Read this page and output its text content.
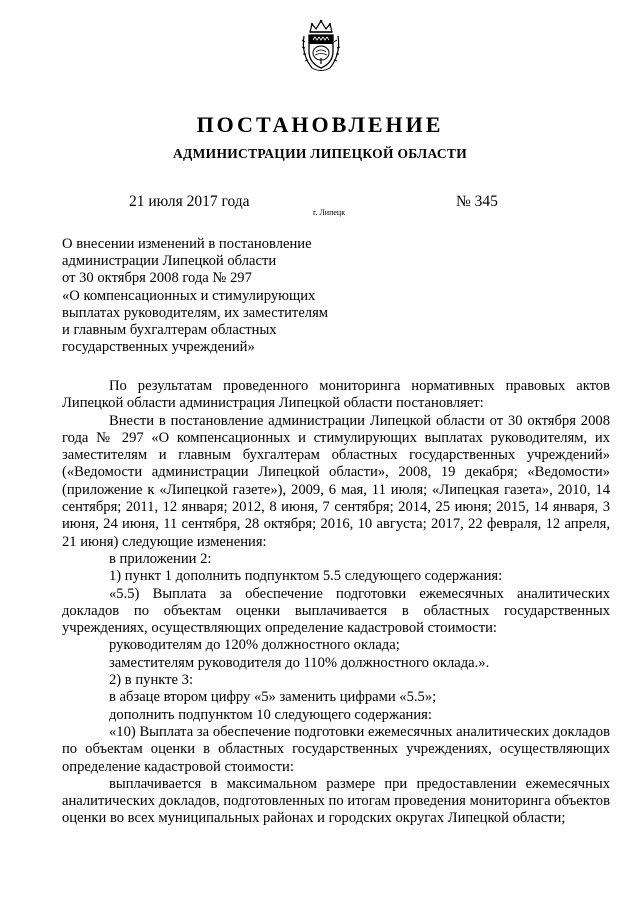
ПОСТАНОВЛЕНИЕ
АДМИНИСТРАЦИИ ЛИПЕЦКОЙ ОБЛАСТИ
21 июля 2017 года
г. Липецк
№ 345
О внесении изменений в постановление
администрации Липецкой области
от 30 октября 2008 года № 297
«О компенсационных и стимулирующих
выплатах руководителям, их заместителям
и главным бухгалтерам областных
государственных учреждений»

По результатам проведенного мониторинга нормативных правовых актов Липецкой области администрация Липецкой области постановляет:

Внести в постановление администрации Липецкой области от 30 октября 2008 года № 297 «О компенсационных и стимулирующих выплатах руководителям, их заместителям и главным бухгалтерам областных государственных учреждений» («Ведомости администрации Липецкой области», 2008, 19 декабря; «Ведомости» (приложение к «Липецкой газете»), 2009, 6 мая, 11 июля; «Липецкая газета», 2010, 14 сентября; 2011, 12 января; 2012, 8 июня, 7 сентября; 2014, 25 июня; 2015, 14 января, 3 июня, 24 июня, 11 сентября, 28 октября; 2016, 10 августа; 2017, 22 февраля, 12 апреля, 21 июня) следующие изменения:

в приложении 2:

1) пункт 1 дополнить подпунктом 5.5 следующего содержания:

«5.5) Выплата за обеспечение подготовки ежемесячных аналитических докладов по объектам оценки выплачивается в областных государственных учреждениях, осуществляющих определение кадастровой стоимости:

руководителям до 120% должностного оклада;

заместителям руководителя до 110% должностного оклада.».

2) в пункте 3:

в абзаце втором цифру «5» заменить цифрами «5.5»;

дополнить подпунктом 10 следующего содержания:

«10) Выплата за обеспечение подготовки ежемесячных аналитических докладов по объектам оценки в областных государственных учреждениях, осуществляющих определение кадастровой стоимости:

выплачивается в максимальном размере при предоставлении ежемесячных аналитических докладов, подготовленных по итогам проведения мониторинга объектов оценки во всех муниципальных районах и городских округах Липецкой области;
